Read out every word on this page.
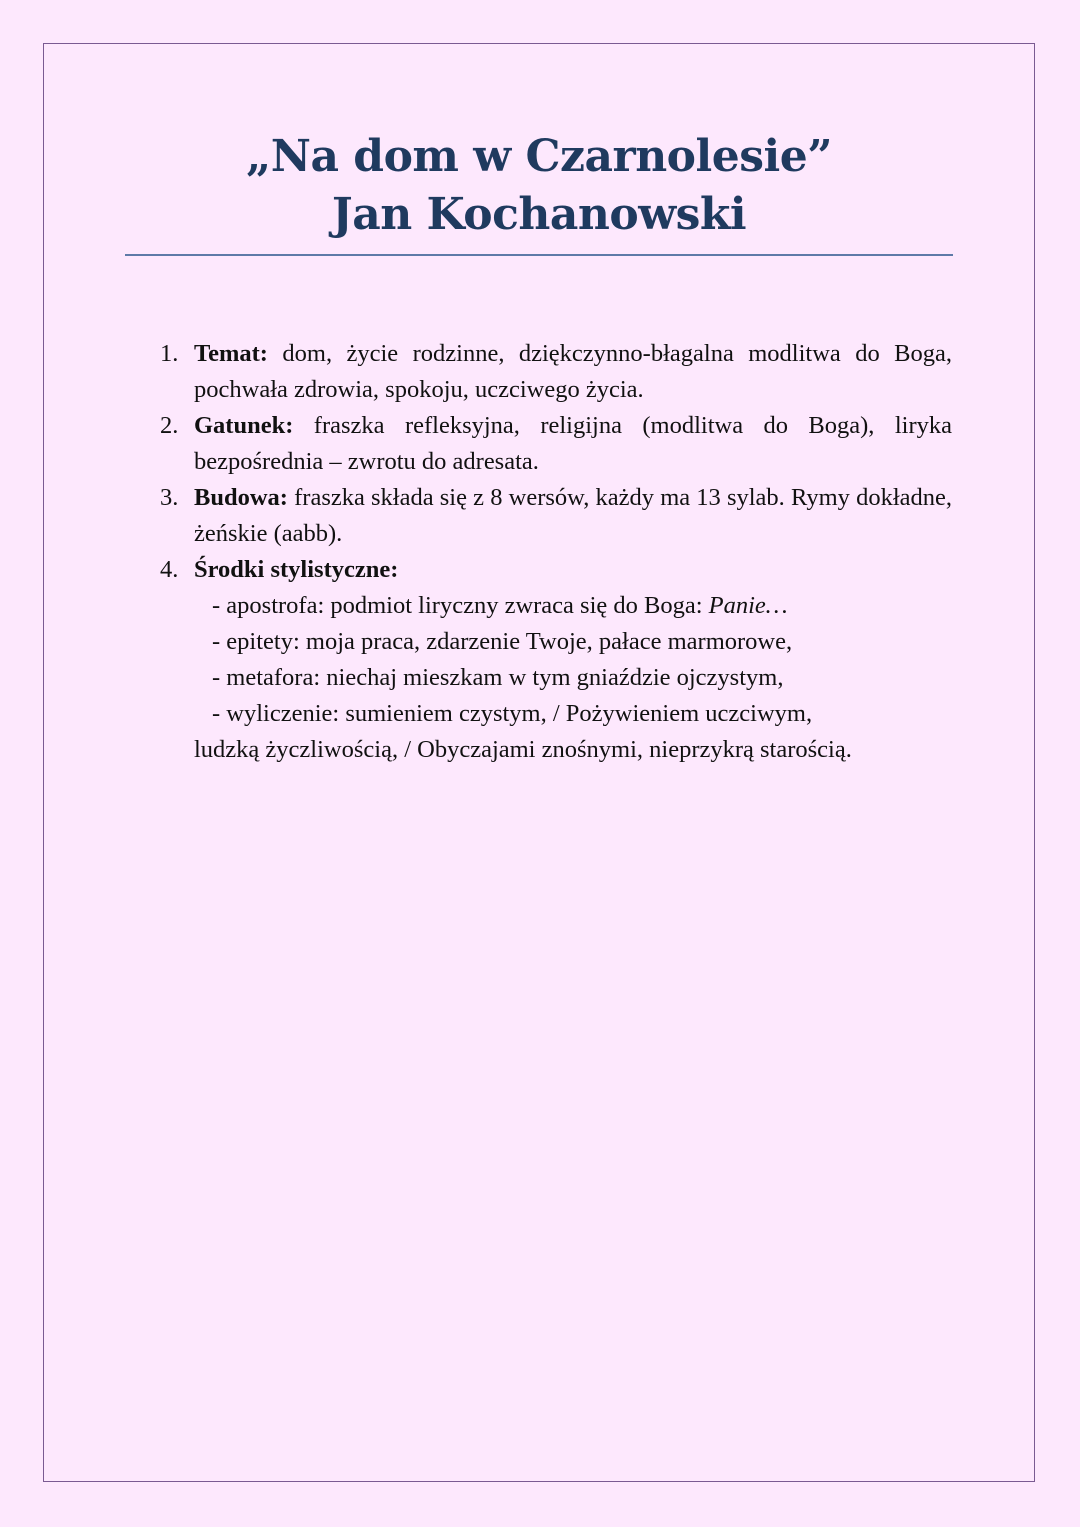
„Na dom w Czarnolesie”
Jan Kochanowski
1. Temat: dom, życie rodzinne, dziękczynno-błagalna modlitwa do Boga, pochwała zdrowia, spokoju, uczciwego życia.
2. Gatunek: fraszka refleksyjna, religijna (modlitwa do Boga), liryka bezpośrednia – zwrotu do adresata.
3. Budowa: fraszka składa się z 8 wersów, każdy ma 13 sylab. Rymy dokładne, żeńskie (aabb).
4. Środki stylistyczne:
- apostrofa: podmiot liryczny zwraca się do Boga: Panie…
- epitety: moja praca, zdarzenie Twoje, pałace marmorowe,
- metafora: niechaj mieszkam w tym gniaździe ojczystym,
- wyliczenie: sumieniem czystym, / Pożywieniem uczciwym,
ludzką życzliwością, / Obyczajami znośnymi, nieprzykrą starością.
